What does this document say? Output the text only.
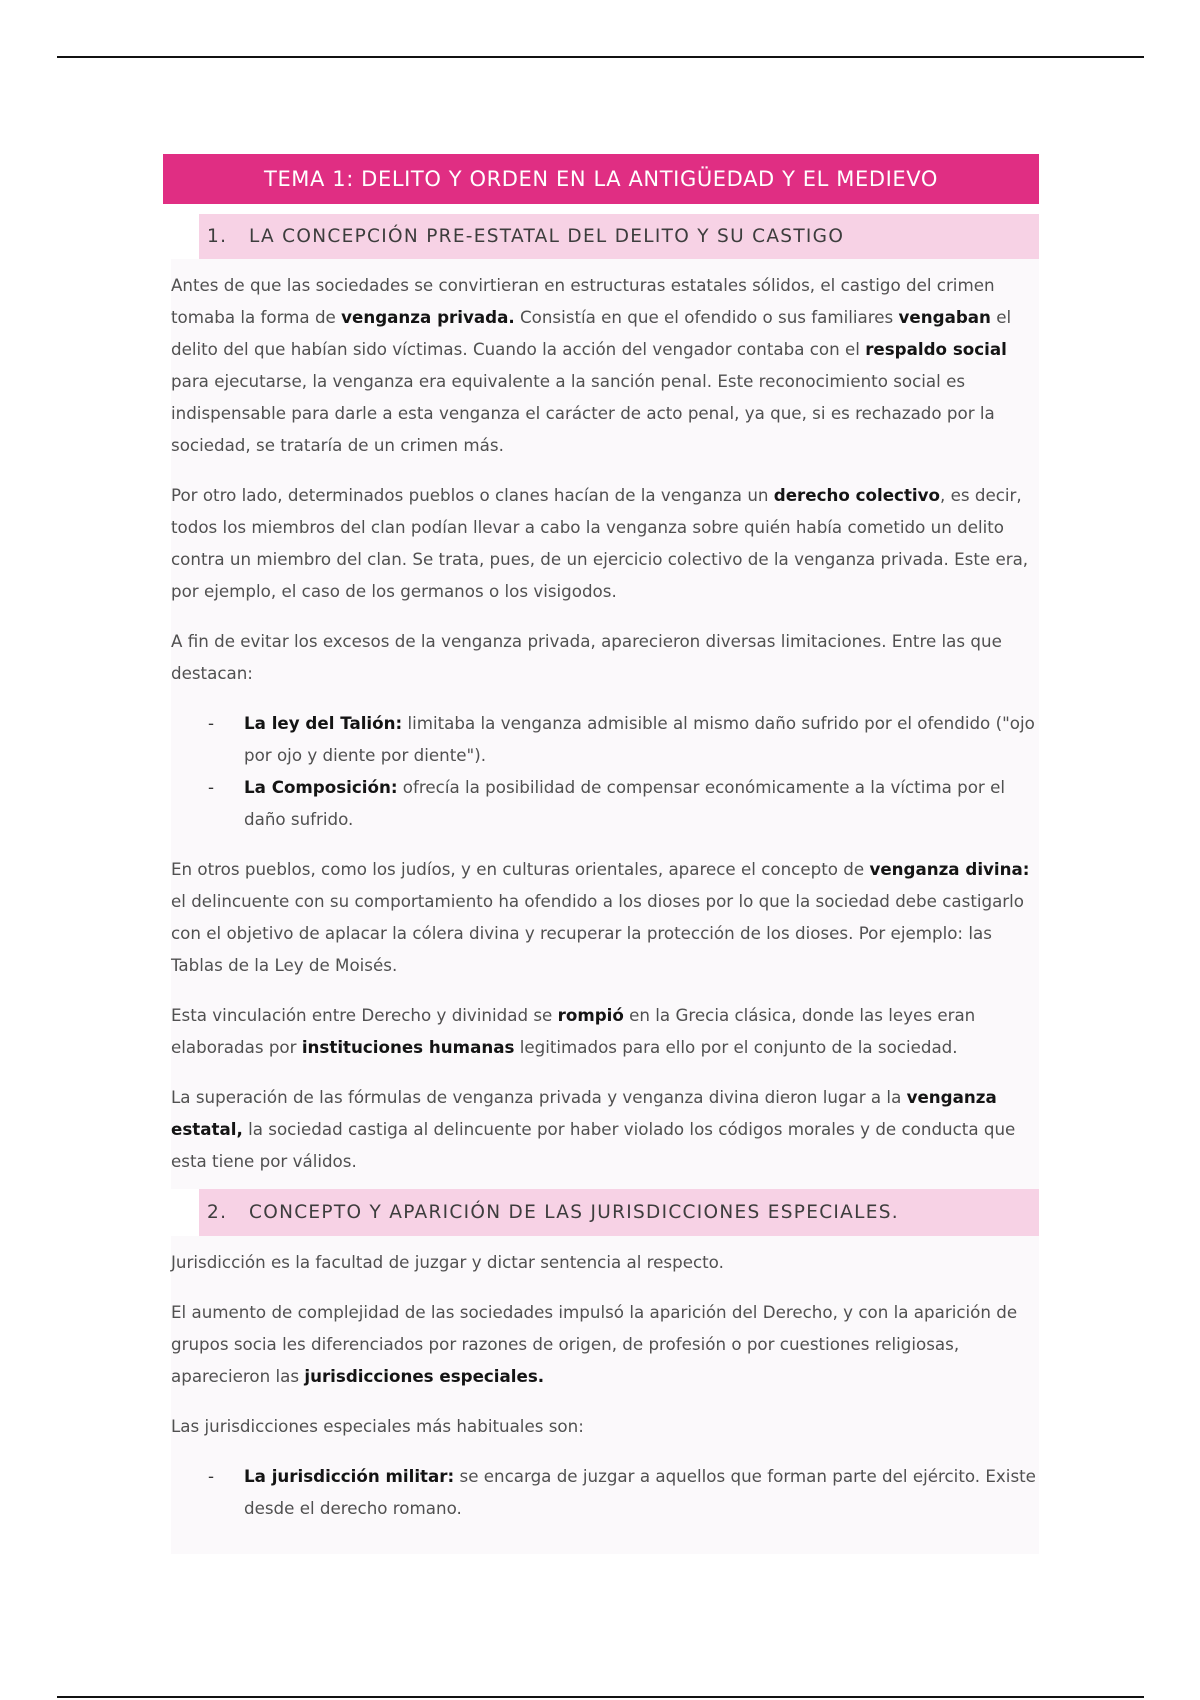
TEMA 1: DELITO Y ORDEN EN LA ANTIGÜEDAD Y EL MEDIEVO
1.	LA CONCEPCIÓN PRE-ESTATAL DEL DELITO Y SU CASTIGO

Antes de que las sociedades se convirtieran en estructuras estatales sólidos, el castigo del crimen tomaba la forma de venganza privada. Consistía en que el ofendido o sus familiares vengaban el delito del que habían sido víctimas. Cuando la acción del vengador contaba con el respaldo social para ejecutarse, la venganza era equivalente a la sanción penal. Este reconocimiento social es indispensable para darle a esta venganza el carácter de acto penal, ya que, si es rechazado por la sociedad, se trataría de un crimen más.

Por otro lado, determinados pueblos o clanes hacían de la venganza un derecho colectivo, es decir, todos los miembros del clan podían llevar a cabo la venganza sobre quién había cometido un delito contra un miembro del clan. Se trata, pues, de un ejercicio colectivo de la venganza privada. Este era, por ejemplo, el caso de los germanos o los visigodos.

A fin de evitar los excesos de la venganza privada, aparecieron diversas limitaciones. Entre las que destacan:

- La ley del Talión: limitaba la venganza admisible al mismo daño sufrido por el ofendido ("ojo por ojo y diente por diente").
- La Composición: ofrecía la posibilidad de compensar económicamente a la víctima por el daño sufrido.

En otros pueblos, como los judíos, y en culturas orientales, aparece el concepto de venganza divina: el delincuente con su comportamiento ha ofendido a los dioses por lo que la sociedad debe castigarlo con el objetivo de aplacar la cólera divina y recuperar la protección de los dioses. Por ejemplo: las Tablas de la Ley de Moisés.

Esta vinculación entre Derecho y divinidad se rompió en la Grecia clásica, donde las leyes eran elaboradas por instituciones humanas legitimados para ello por el conjunto de la sociedad.

La superación de las fórmulas de venganza privada y venganza divina dieron lugar a la venganza estatal, la sociedad castiga al delincuente por haber violado los códigos morales y de conducta que esta tiene por válidos.

2.	CONCEPTO Y APARICIÓN DE LAS JURISDICCIONES ESPECIALES.

Jurisdicción es la facultad de juzgar y dictar sentencia al respecto.

El aumento de complejidad de las sociedades impulsó la aparición del Derecho, y con la aparición de grupos socia les diferenciados por razones de origen, de profesión o por cuestiones religiosas, aparecieron las jurisdicciones especiales.

Las jurisdicciones especiales más habituales son:

- La jurisdicción militar: se encarga de juzgar a aquellos que forman parte del ejército. Existe desde el derecho romano.
